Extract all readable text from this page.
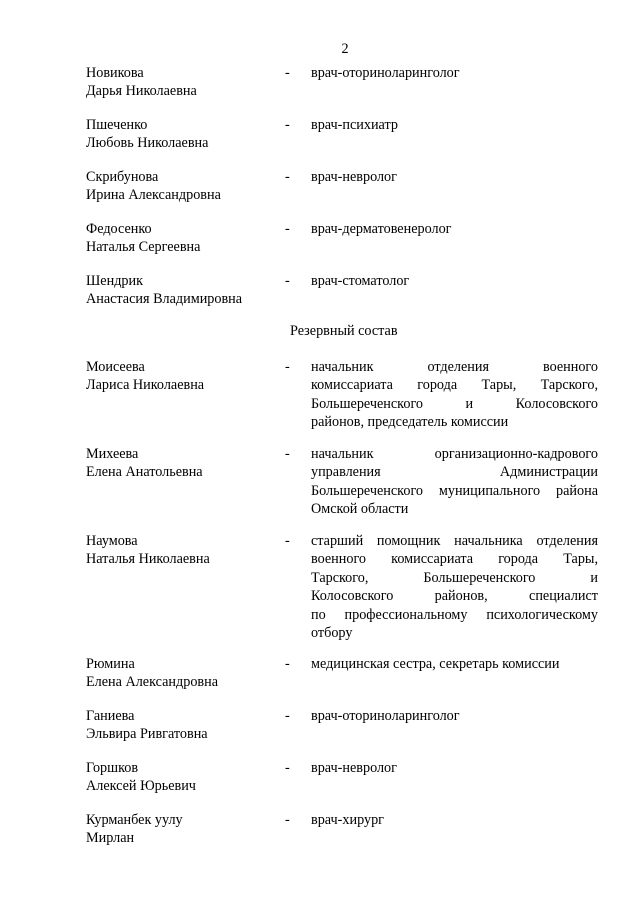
2
Новикова
Дарья Николаевна
-	врач-оториноларинголог
Пшеченко
Любовь Николаевна
-	врач-психиатр
Скрибунова
Ирина Александровна
-	врач-невролог
Федосенко
Наталья Сергеевна
-	врач-дерматовенеролог
Шендрик
Анастасия Владимировна
-	врач-стоматолог
Резервный состав
Моисеева
Лариса Николаевна
-	начальник отделения военного
комиссариата города Тары, Тарского,
Большереченского и Колосовского
районов, председатель комиссии
Михеева
Елена Анатольевна
-	начальник организационно-кадрового
управления Администрации
Большереченского муниципального района
Омской области
Наумова
Наталья Николаевна
-	старший помощник начальника отделения
военного комиссариата города Тары,
Тарского, Большереченского и
Колосовского районов, специалист
по профессиональному психологическому
отбору
Рюмина
Елена Александровна
-	медицинская сестра, секретарь комиссии
Ганиева
Эльвира Ривгатовна
-	врач-оториноларинголог
Горшков
Алексей Юрьевич
-	врач-невролог
Курманбек уулу
Мирлан
-	врач-хирург
